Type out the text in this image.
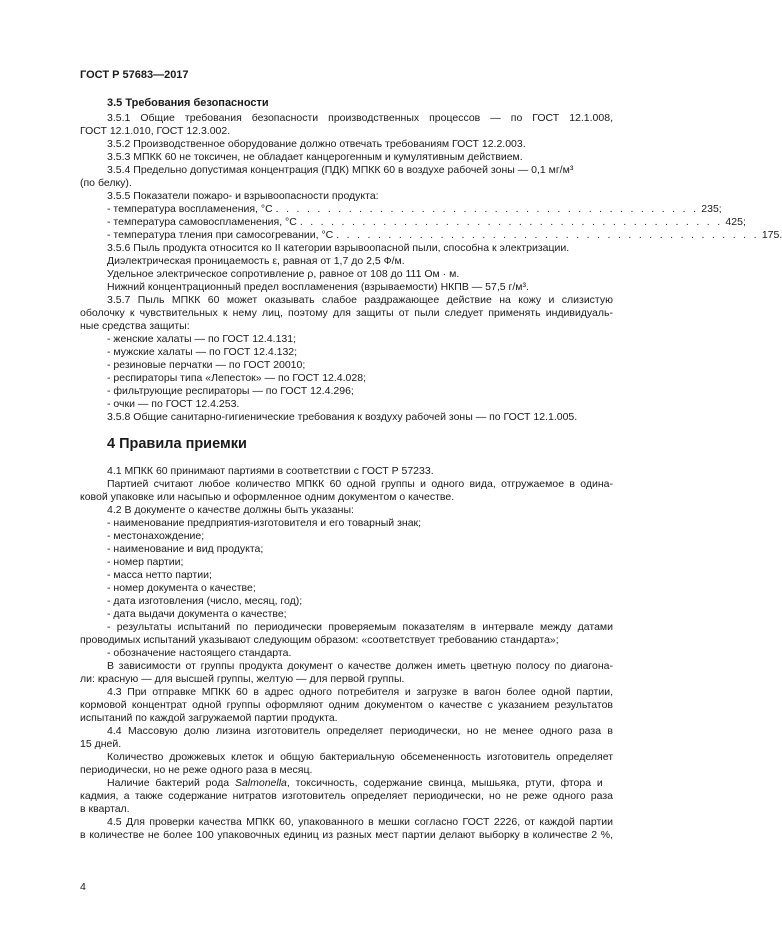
ГОСТ Р 57683—2017
3.5 Требования безопасности
3.5.1 Общие требования безопасности производственных процессов — по ГОСТ 12.1.008,
ГОСТ 12.1.010, ГОСТ 12.3.002.
3.5.2 Производственное оборудование должно отвечать требованиям ГОСТ 12.2.003.
3.5.3 МПКК 60 не токсичен, не обладает канцерогенным и кумулятивным действием.
3.5.4 Предельно допустимая концентрация (ПДК) МПКК 60 в воздухе рабочей зоны — 0,1 мг/м³
(по белку).
3.5.5 Показатели пожаро- и взрывоопасности продукта:
- температура воспламенения, °С . . . . . . . . . . . . . . . . . . . . . . . . . . . . . . . . . . . . . . . . . 235;
- температура самовоспламенения, °С . . . . . . . . . . . . . . . . . . . . . . . . . . . . . . . . . . . . . . . . . 425;
- температура тления при самосогревании, °С . . . . . . . . . . . . . . . . . . . . . . . . . . . . . . . . . . . . . . . . . 175.
3.5.6 Пыль продукта относится ко II категории взрывоопасной пыли, способна к электризации.
Диэлектрическая проницаемость ε, равная от 1,7 до 2,5 Ф/м.
Удельное электрическое сопротивление ρ, равное от 108 до 111 Ом · м.
Нижний концентрационный предел воспламенения (взрываемости) НКПВ — 57,5 г/м³.
3.5.7 Пыль МПКК 60 может оказывать слабое раздражающее действие на кожу и слизистую
оболочку к чувствительных к нему лиц, поэтому для защиты от пыли следует применять индивидуаль-
ные средства защиты:
- женские халаты — по ГОСТ 12.4.131;
- мужские халаты — по ГОСТ 12.4.132;
- резиновые перчатки — по ГОСТ 20010;
- респираторы типа «Лепесток» — по ГОСТ 12.4.028;
- фильтрующие респираторы — по ГОСТ 12.4.296;
- очки — по ГОСТ 12.4.253.
3.5.8 Общие санитарно-гигиенические требования к воздуху рабочей зоны — по ГОСТ 12.1.005.
4 Правила приемки
4.1 МПКК 60 принимают партиями в соответствии с ГОСТ Р 57233.
Партией считают любое количество МПКК 60 одной группы и одного вида, отгружаемое в одина-
ковой упаковке или насыпью и оформленное одним документом о качестве.
4.2 В документе о качестве должны быть указаны:
- наименование предприятия-изготовителя и его товарный знак;
- местонахождение;
- наименование и вид продукта;
- номер партии;
- масса нетто партии;
- номер документа о качестве;
- дата изготовления (число, месяц, год);
- дата выдачи документа о качестве;
- результаты испытаний по периодически проверяемым показателям в интервале между датами
проводимых испытаний указывают следующим образом: «соответствует требованию стандарта»;
- обозначение настоящего стандарта.
В зависимости от группы продукта документ о качестве должен иметь цветную полосу по диагона-
ли: красную — для высшей группы, желтую — для первой группы.
4.3 При отправке МПКК 60 в адрес одного потребителя и загрузке в вагон более одной партии,
кормовой концентрат одной группы оформляют одним документом о качестве с указанием результатов
испытаний по каждой загружаемой партии продукта.
4.4 Массовую долю лизина изготовитель определяет периодически, но не менее одного раза в
15 дней.
Количество дрожжевых клеток и общую бактериальную обсемененность изготовитель определяет
периодически, но не реже одного раза в месяц.
Наличие  бактерий  рода  Salmonella,  токсичность,  содержание  свинца,  мышьяка,  ртути,  фтора  и
кадмия, а также содержание нитратов изготовитель определяет периодически, но не реже одного раза
в квартал.
4.5 Для проверки качества МПКК 60, упакованного в мешки согласно ГОСТ 2226, от каждой партии
в количестве не более 100 упаковочных единиц из разных мест партии делают выборку в количестве 2 %,
4
